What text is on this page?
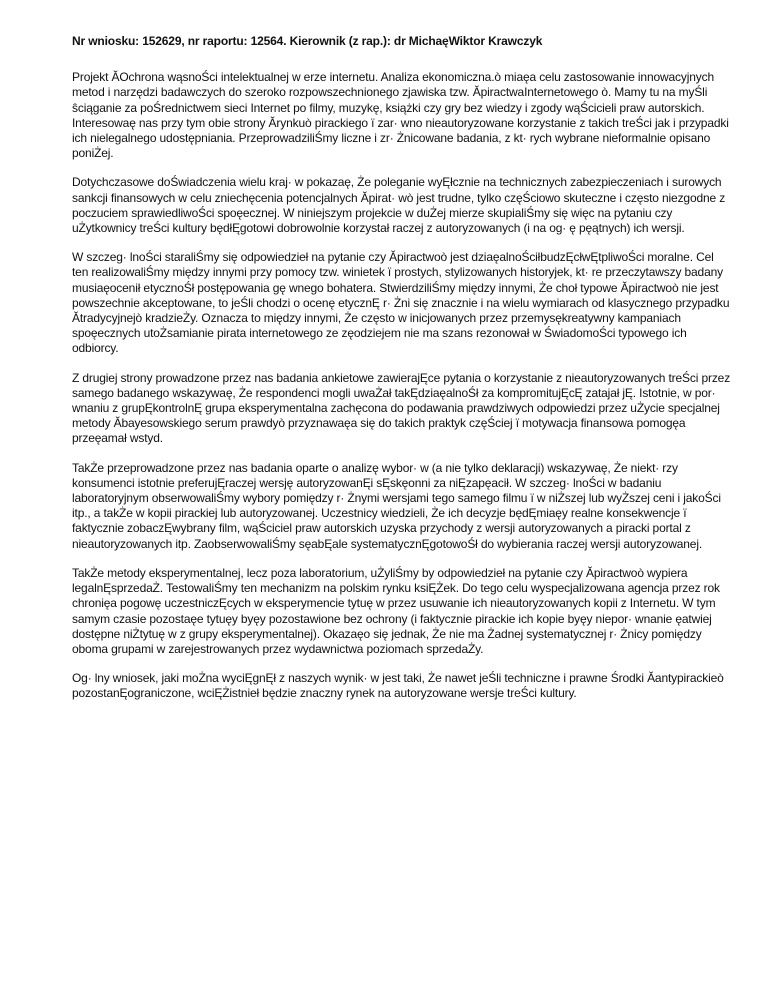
Nr wniosku: 152629, nr raportu: 12564. Kierownik (z rap.): dr MichaęWiktor Krawczyk

Projekt ĂOchrona wąsnoŚci intelektualnej w erze internetu. Analiza ekonomiczna.ò miaęa celu zastosowanie innowacyjnych metod i narzędzi badawczych do szeroko rozpowszechnionego zjawiska tzw. ĂpiractwaInternetowego ò. Mamy tu na myŚli ŝciąganie za poŚrednictwem sieci Internet po filmy, muzykę, książki czy gry bez wiedzy i zgody wąŚcicieli praw autorskich. Interesowaę nas przy tym obie strony Ărynkuò pirackiego ï zar· wno nieautoryzowane korzystanie z takich treŚci jak i przypadki ich nielegalnego udostępniania. PrzeprowadziliŚmy liczne i zr· Żnicowane badania, z kt· rych wybrane nieformalnie opisano poniŻej.

Dotychczasowe doŚwiadczenia wielu kraj· w pokazaę, Że poleganie wyĘłcznie na technicznych zabezpieczeniach i surowych sankcji finansowych w celu zniechęcenia potencjalnych Ăpirat· wò jest trudne, tylko częŚciowo skuteczne i często niezgodne z poczuciem sprawiedliwoŚci spoęecznej. W niniejszym projekcie w duŻej mierze skupialiŚmy się więc na pytaniu czy uŻytkownicy treŚci kultury będłĘgotowi dobrowolnie korzystał raczej z autoryzowanych (i na og· ę pęątnych) ich wersji.

W szczeg· lnoŚci staraliŚmy się odpowiedzieł na pytanie czy Ăpiractwoò jest dziaęalnoŚciłbudzĘcłwĘtpliwoŚci moralne. Cel ten realizowaliŚmy między innymi przy pomocy tzw. winietek ï prostych, stylizowanych historyjek, kt· re przeczytawszy badany musiaęocenił etycznoŚł postępowania gę wnego bohatera. StwierdziliŚmy między innymi, Że choł typowe Ăpiractwoò nie jest powszechnie akceptowane, to jeŚli chodzi o ocenę etycznĘ r· Żni się znacznie i na wielu wymiarach od klasycznego przypadku Ătradycyjnejò kradzieŻy. Oznacza to między innymi, Że często w inicjowanych przez przemysękreatywny kampaniach spoęecznych utoŻsamianie pirata internetowego ze zęodziejem nie ma szans rezonował w ŚwiadomoŚci typowego ich odbiorcy.

Z drugiej strony prowadzone przez nas badania ankietowe zawierajĘce pytania o korzystanie z nieautoryzowanych treŚci przez samego badanego wskazywaę, Że respondenci mogli uwaŻał takĘdziaęalnoŚł za kompromitujĘcĘ zatajał jĘ. Istotnie, w por· wnaniu z grupĘkontrolnĘ grupa eksperymentalna zachęcona do podawania prawdziwych odpowiedzi przez uŻycie specjalnej metody Ăbayesowskiego serum prawdyò przyznawaęa się do takich praktyk częŚciej ï motywacja finansowa pomogęa przeęamał wstyd.

TakŻe przeprowadzone przez nas badania oparte o analizę wybor· w (a nie tylko deklaracji) wskazywaę, Że niekt· rzy konsumenci istotnie preferujĘraczej wersję autoryzowanĘi sĘskęonni za niĘzapęacił. W szczeg· lnoŚci w badaniu laboratoryjnym obserwowaliŚmy wybory pomiędzy r· Żnymi wersjami tego samego filmu ï w niŻszej lub wyŻszej ceni i jakoŚci itp., a takŻe w kopii pirackiej lub autoryzowanej. Uczestnicy wiedzieli, Że ich decyzje będĘmiaęy realne konsekwencje ï faktycznie zobaczĘwybrany film, wąŚciciel praw autorskich uzyska przychody z wersji autoryzowanych a piracki portal z nieautoryzowanych itp. ZaobserwowaliŚmy sęabĘale systematycznĘgotowoŚł do wybierania raczej wersji autoryzowanej.

TakŻe metody eksperymentalnej, lecz poza laboratorium, uŻyliŚmy by odpowiedzieł na pytanie czy Ăpiractwoò wypiera legalnĘsprzedaŻ. TestowaliŚmy ten mechanizm na polskim rynku ksiĘŻek. Do tego celu wyspecjalizowana agencja przez rok chronięa pogowę uczestniczĘcych w eksperymencie tytuę w przez usuwanie ich nieautoryzowanych kopii z Internetu. W tym samym czasie pozostaęe tytuęy byęy pozostawione bez ochrony (i faktycznie pirackie ich kopie byęy niepor· wnanie ęatwiej dostępne niŻtytuę w z grupy eksperymentalnej). Okazaęo się jednak, Że nie ma Żadnej systematycznej r· Żnicy pomiędzy oboma grupami w zarejestrowanych przez wydawnictwa poziomach sprzedaŻy.

Og· lny wniosek, jaki moŻna wyciĘgnĘł z naszych wynik· w jest taki, Że nawet jeŚli techniczne i prawne Środki Ăantypirackieò pozostanĘograniczone, wciĘŻistnieł będzie znaczny rynek na autoryzowane wersje treŚci kultury.
